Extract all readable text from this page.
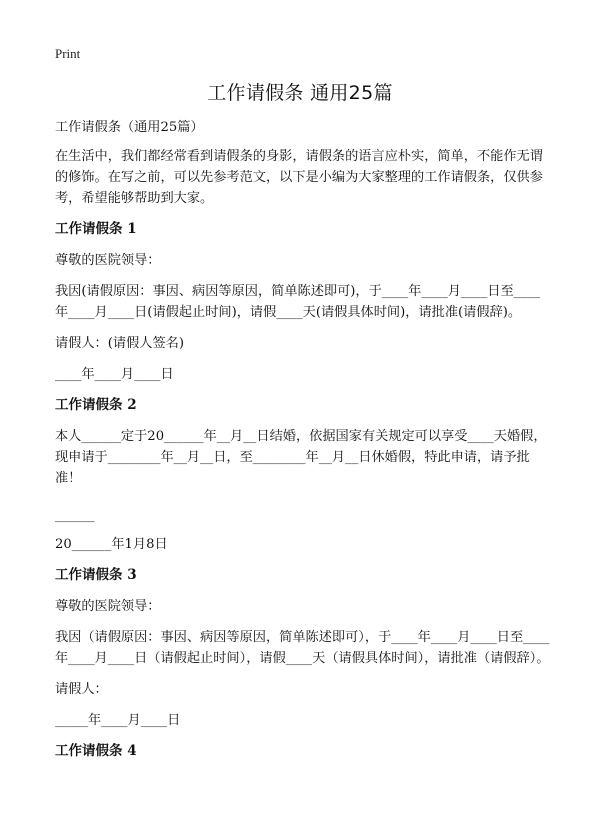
Print
工作请假条 通用25篇

工作请假条（通用25篇）

在生活中，我们都经常看到请假条的身影，请假条的语言应朴实，简单，不能作无谓的修饰。在写之前，可以先参考范文，以下是小编为大家整理的工作请假条，仅供参考，希望能够帮助到大家。

工作请假条 1

尊敬的医院领导：

我因(请假原因：事因、病因等原因，简单陈述即可)，于____年____月____日至____年____月____日(请假起止时间)，请假____天(请假具体时间)，请批准(请假辞)。

请假人：(请假人签名)

____年____月____日

工作请假条 2

本人______定于20______年__月__日结婚，依据国家有关规定可以享受____天婚假，现申请于________年__月__日，至________年__月__日休婚假，特此申请，请予批准！

______

20______年1月8日

工作请假条 3

尊敬的医院领导：

我因（请假原因：事因、病因等原因，简单陈述即可），于____年____月____日至____年____月____日（请假起止时间），请假____天（请假具体时间），请批准（请假辞）。

请假人：

_____年____月____日

工作请假条 4
